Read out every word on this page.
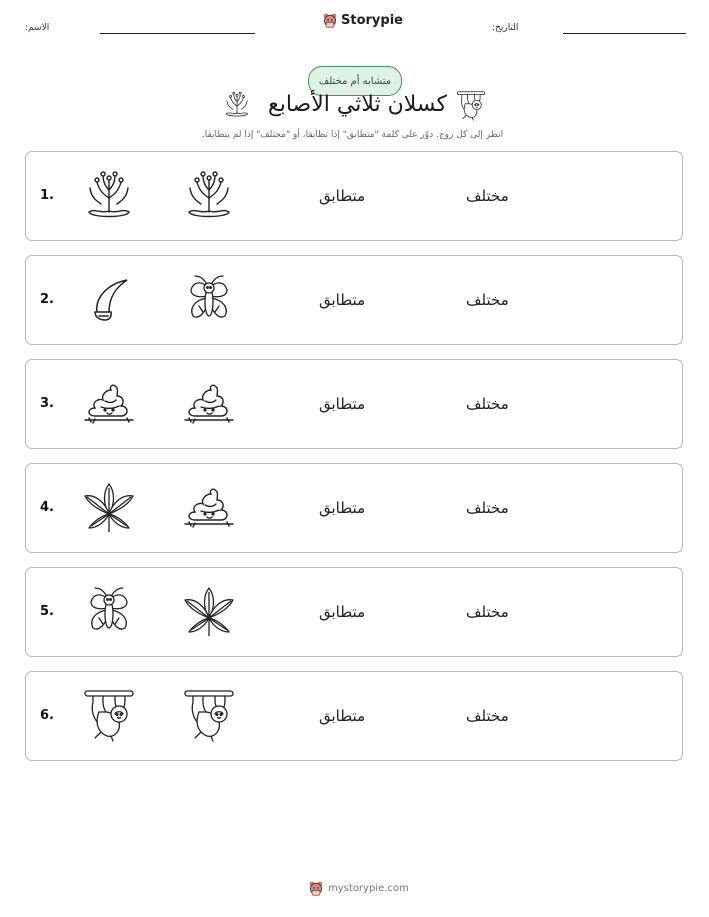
الاسم:
Storypie
التاريخ:
متشابه أم مختلف
كسلان ثلاثي الأصابع
انظر إلى كل زوج. دوّر على كلمة "متطابق" إذا تطابقا، أو "مختلف" إذا لم يتطابقا.
1.	متطابق	مختلف
2.	متطابق	مختلف
3.	متطابق	مختلف
4.	متطابق	مختلف
5.	متطابق	مختلف
6.	متطابق	مختلف
mystorypie.com
